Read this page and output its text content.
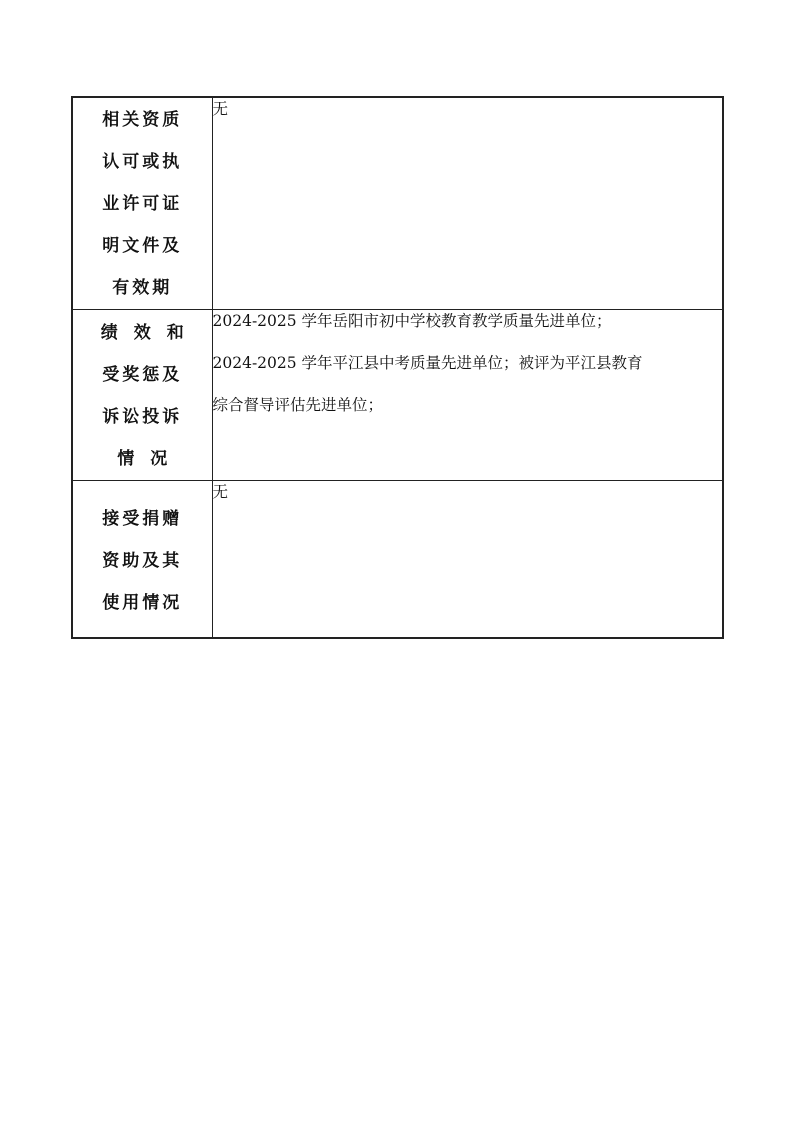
相关资质
认可或执
业许可证
明文件及
有效期	无

绩效和
受奖惩及
诉讼投诉
情况	2024-2025 学年岳阳市初中学校教育教学质量先进单位；
2024-2025 学年平江县中考质量先进单位；被评为平江县教育
综合督导评估先进单位；

接受捐赠
资助及其
使用情况	无
